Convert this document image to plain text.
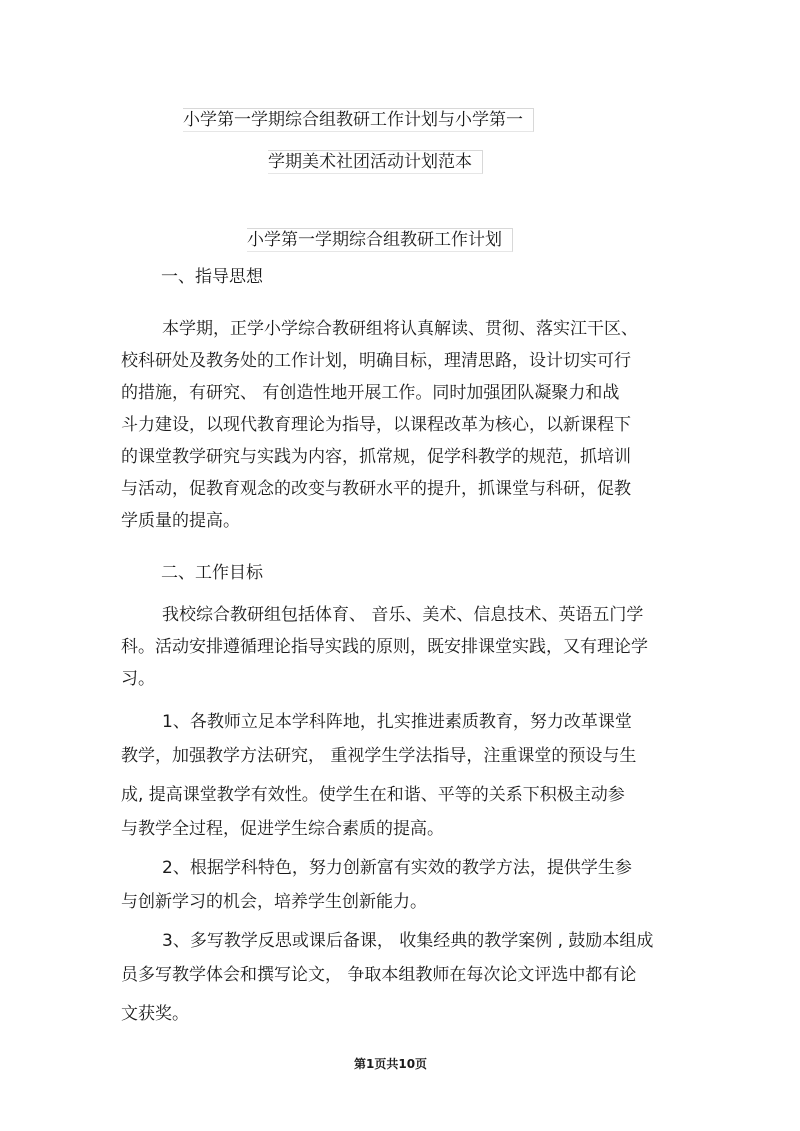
小学第一学期综合组教研工作计划与小学第一
学期美术社团活动计划范本
小学第一学期综合组教研工作计划
一、指导思想
本学期，正学小学综合教研组将认真解读、贯彻、落实江干区、
校科研处及教务处的工作计划，明确目标，理清思路，设计切实可行
的措施，有研究、 有创造性地开展工作。同时加强团队凝聚力和战
斗力建设，以现代教育理论为指导，以课程改革为核心，以新课程下
的课堂教学研究与实践为内容，抓常规，促学科教学的规范，抓培训
与活动，促教育观念的改变与教研水平的提升，抓课堂与科研，促教
学质量的提高。
二、工作目标
我校综合教研组包括体育、 音乐、美术、信息技术、英语五门学
科。活动安排遵循理论指导实践的原则，既安排课堂实践，又有理论学
习。
1、各教师立足本学科阵地，扎实推进素质教育，努力改革课堂
教学，加强教学方法研究， 重视学生学法指导，注重课堂的预设与生
成, 提高课堂教学有效性。使学生在和谐、平等的关系下积极主动参
与教学全过程，促进学生综合素质的提高。
2、根据学科特色，努力创新富有实效的教学方法，提供学生参
与创新学习的机会，培养学生创新能力。
3、多写教学反思或课后备课， 收集经典的教学案例 , 鼓励本组成
员多写教学体会和撰写论文， 争取本组教师在每次论文评选中都有论
文获奖。
第1页共10页
